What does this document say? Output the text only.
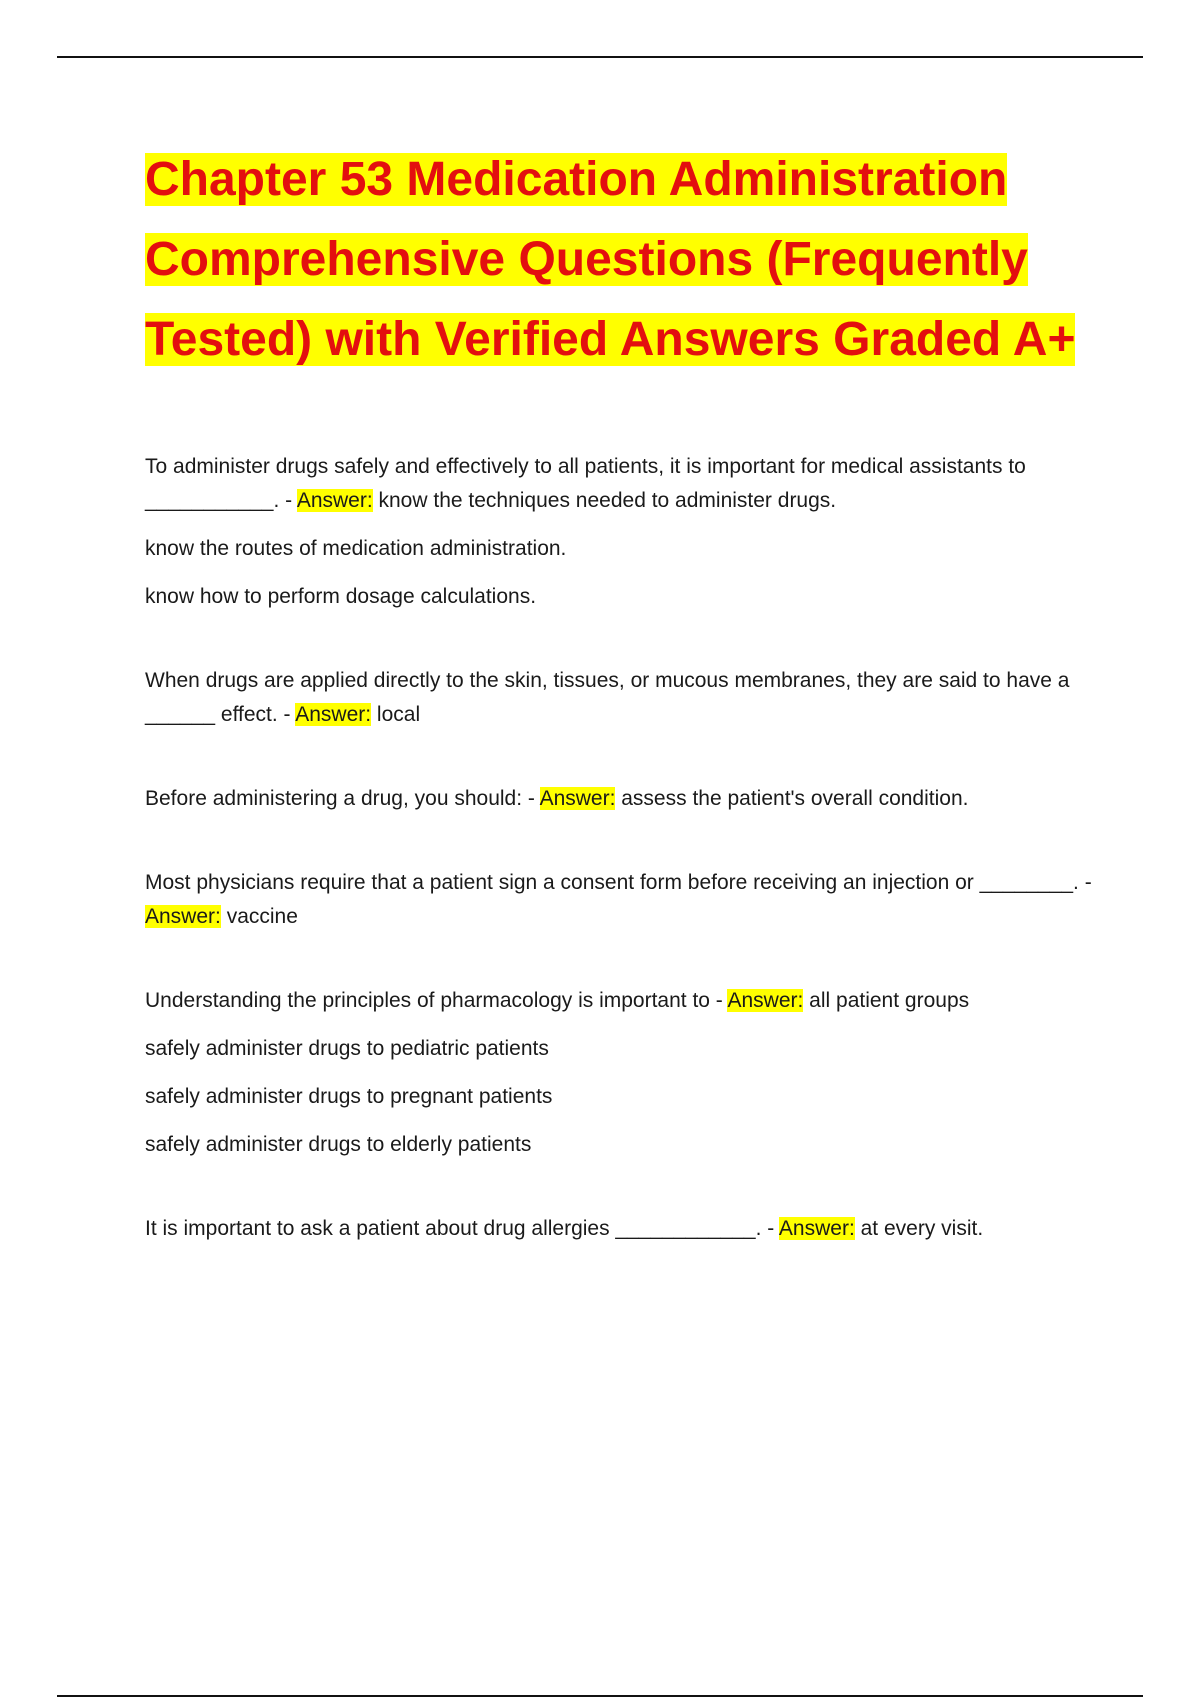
Chapter 53 Medication Administration Comprehensive Questions (Frequently Tested) with Verified Answers Graded A+

To administer drugs safely and effectively to all patients, it is important for medical assistants to ___________. - Answer: know the techniques needed to administer drugs.

know the routes of medication administration.

know how to perform dosage calculations.

When drugs are applied directly to the skin, tissues, or mucous membranes, they are said to have a ______ effect. - Answer: local

Before administering a drug, you should: - Answer: assess the patient's overall condition.

Most physicians require that a patient sign a consent form before receiving an injection or ________. - Answer: vaccine

Understanding the principles of pharmacology is important to - Answer: all patient groups

safely administer drugs to pediatric patients

safely administer drugs to pregnant patients

safely administer drugs to elderly patients

It is important to ask a patient about drug allergies ____________. - Answer: at every visit.
